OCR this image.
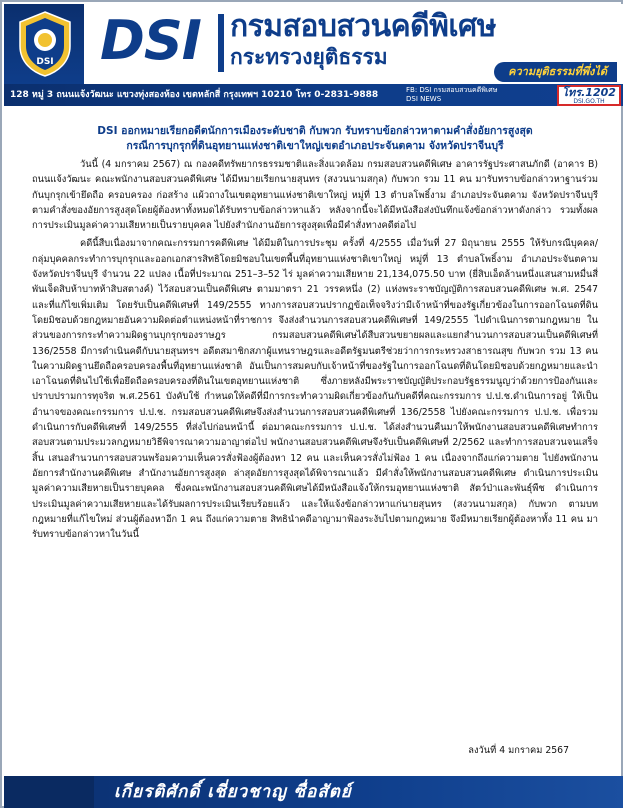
DSI DSI กรมสอบสวนคดีพิเศษ
กระทรวงยุติธรรม
ความยุติธรรมที่พึ่งได้
128 หมู่ 3 ถนนแจ้งวัฒนะ แขวงทุ่งสองห้อง เขตหลักสี่ กรุงเทพฯ 10210 โทร 0-2831-9888	FB: DSI กรมสอบสวนคดีพิเศษ
DSI NEWS	โทร.1202
DSI.GO.TH
DSI ออกหมายเรียกอดีตนักการเมืองระดับชาติ กับพวก รับทราบข้อกล่าวหาตามคำสั่งอัยการสูงสุด
กรณีการบุกรุกที่ดินอุทยานแห่งชาติเขาใหญ่เขตอำเภอประจันตคาม จังหวัดปราจีนบุรี

วันนี้ (4 มกราคม 2567) ณ กองคดีทรัพยากรธรรมชาติและสิ่งแวดล้อม กรมสอบสวนคดีพิเศษ อาคารรัฐประศาสนภักดี (อาคาร B) ถนนแจ้งวัฒนะ คณะพนักงานสอบสวนคดีพิเศษ ได้มีหมายเรียกนายสุนทร (สงวนนามสกุล) กับพวก รวม 11 คน มารับทราบข้อกล่าวหาฐานร่วมกันบุกรุกเข้ายึดถือ ครอบครอง ก่อสร้าง แผ้วถางในเขตอุทยานแห่งชาติเขาใหญ่ หมู่ที่ 13 ตำบลโพธิ์งาม อำเภอประจันตคาม จังหวัดปราจีนบุรี ตามคำสั่งของอัยการสูงสุดโดยผู้ต้องหาทั้งหมดได้รับทราบข้อกล่าวหาแล้ว หลังจากนี้จะได้มีหนังสือส่งบันทึกแจ้งข้อกล่าวหาดังกล่าว รวมทั้งผลการประเมินมูลค่าความเสียหายเป็นรายบุคคล ไปยังสำนักงานอัยการสูงสุดเพื่อมีคำสั่งทางคดีต่อไป

คดีนี้สืบเนื่องมาจากคณะกรรมการคดีพิเศษ ได้มีมติในการประชุม ครั้งที่ 4/2555 เมื่อวันที่ 27 มิถุนายน 2555 ให้รับกรณีบุคคล/กลุ่มบุคคลกระทำการบุกรุกและออกเอกสารสิทธิโดยมิชอบในเขตพื้นที่อุทยานแห่งชาติเขาใหญ่ หมู่ที่ 13 ตำบลโพธิ์งาม อำเภอประจันตคาม จังหวัดปราจีนบุรี จำนวน 22 แปลง เนื้อที่ประมาณ 251–3–52 ไร่ มูลค่าความเสียหาย 21,134,075.50 บาท (ยี่สิบเอ็ดล้านหนึ่งแสนสามหมื่นสี่พันเจ็ดสิบห้าบาทห้าสิบสตางค์) ไว้สอบสวนเป็นคดีพิเศษ ตามมาตรา 21 วรรคหนึ่ง (2) แห่งพระราชบัญญัติการสอบสวนคดีพิเศษ พ.ศ. 2547 และที่แก้ไขเพิ่มเติม โดยรับเป็นคดีพิเศษที่ 149/2555 ทางการสอบสวนปรากฏข้อเท็จจริงว่ามีเจ้าหน้าที่ของรัฐเกี่ยวข้องในการออกโฉนดที่ดินโดยมิชอบด้วยกฎหมายอันความผิดต่อตำแหน่งหน้าที่ราชการ จึงส่งสำนวนการสอบสวนคดีพิเศษที่ 149/2555 ไปดำเนินการตามกฎหมาย ในส่วนของการกระทำความผิดฐานบุกรุกของราษฎร กรมสอบสวนคดีพิเศษได้สืบสวนขยายผลและแยกสำนวนการสอบสวนเป็นคดีพิเศษที่ 136/2558 มีการดำเนินคดีกับนายสุนทรฯ อดีตสมาชิกสภาผู้แทนราษฎรและอดีตรัฐมนตรีช่วยว่าการกระทรวงสาธารณสุข กับพวก รวม 13 คน ในความผิดฐานยึดถือครอบครองพื้นที่อุทยานแห่งชาติ อันเป็นการสมคบกับเจ้าหน้าที่ของรัฐในการออกโฉนดที่ดินโดยมิชอบด้วยกฎหมายและนำเอาโฉนดที่ดินไปใช้เพื่อยึดถือครอบครองที่ดินในเขตอุทยานแห่งชาติ ซึ่งภายหลังมีพระราชบัญญัติประกอบรัฐธรรมนูญว่าด้วยการป้องกันและปราบปรามการทุจริต พ.ศ.2561 บังคับใช้ กำหนดให้คดีที่มีการกระทำความผิดเกี่ยวข้องกันกับคดีที่คณะกรรมการ ป.ป.ช.ดำเนินการอยู่ ให้เป็นอำนาจของคณะกรรมการ ป.ป.ช. กรมสอบสวนคดีพิเศษจึงส่งสำนวนการสอบสวนคดีพิเศษที่ 136/2558 ไปยังคณะกรรมการ ป.ป.ช. เพื่อรวมดำเนินการกับคดีพิเศษที่ 149/2555 ที่ส่งไปก่อนหน้านี้ ต่อมาคณะกรรมการ ป.ป.ช. ได้ส่งสำนวนคืนมาให้พนักงานสอบสวนคดีพิเศษทำการสอบสวนตามประมวลกฎหมายวิธีพิจารณาความอาญาต่อไป พนักงานสอบสวนคดีพิเศษจึงรับเป็นคดีพิเศษที่ 2/2562 และทำการสอบสวนจนเสร็จสิ้น เสนอสำนวนการสอบสวนพร้อมความเห็นควรสั่งฟ้องผู้ต้องหา 12 คน และเห็นควรสั่งไม่ฟ้อง 1 คน เนื่องจากถึงแก่ความตาย ไปยังพนักงานอัยการสำนักงานคดีพิเศษ สำนักงานอัยการสูงสุด ล่าสุดอัยการสูงสุดได้พิจารณาแล้ว มีคำสั่งให้พนักงานสอบสวนคดีพิเศษ ดำเนินการประเมินมูลค่าความเสียหายเป็นรายบุคคล ซึ่งคณะพนักงานสอบสวนคดีพิเศษได้มีหนังสือแจ้งให้กรมอุทยานแห่งชาติ สัตว์ป่าและพันธุ์พืช ดำเนินการประเมินมูลค่าความเสียหายและได้รับผลการประเมินเรียบร้อยแล้ว และให้แจ้งข้อกล่าวหาแก่นายสุนทร (สงวนนามสกุล) กับพวก ตามบทกฎหมายที่แก้ไขใหม่ ส่วนผู้ต้องหาอีก 1 คน ถึงแก่ความตาย สิทธินำคดีอาญามาฟ้องระงับไปตามกฎหมาย จึงมีหมายเรียกผู้ต้องหาทั้ง 11 คน มารับทราบข้อกล่าวหาในวันนี้

ลงวันที่ 4 มกราคม 2567
เกียรติศักดิ์ เชี่ยวชาญ ซื่อสัตย์
